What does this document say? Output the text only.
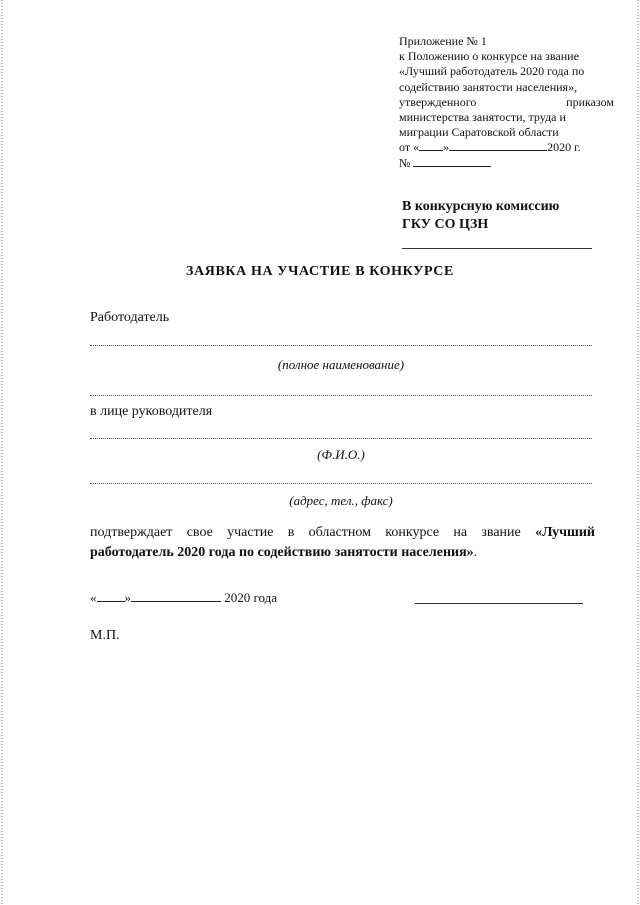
Приложение № 1
к Положению о конкурсе на звание
«Лучший работодатель 2020 года по
содействию занятости населения»,
утвержденного	приказом
министерства занятости, труда и
миграции Саратовской области
от « »	2020 г.
№
В конкурсную комиссию
ГКУ СО ЦЗН
ЗАЯВКА НА УЧАСТИЕ В КОНКУРСЕ
Работодатель
(полное наименование)
в лице руководителя
(Ф.И.О.)
(адрес, тел., факс)
подтверждает свое участие в областном конкурсе на звание «Лучший работодатель 2020 года по содействию занятости населения».
« »	2020 года
М.П.
